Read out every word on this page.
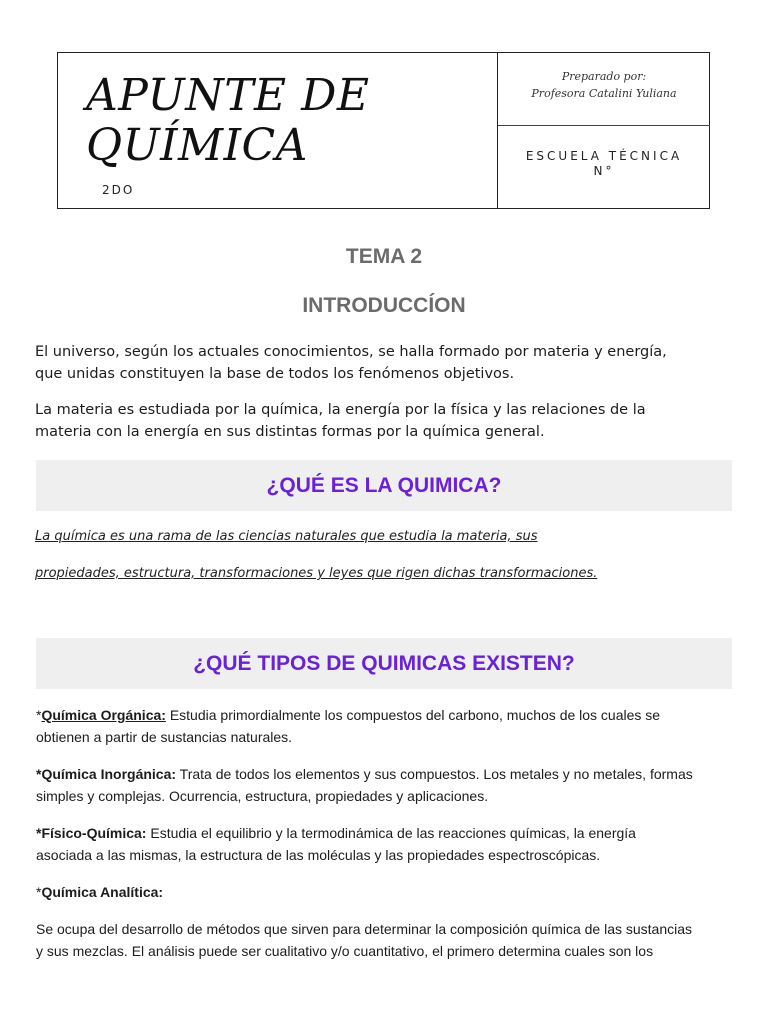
APUNTE DE
QUÍMICA
2DO
Preparado por:
Profesora Catalini Yuliana
ESCUELA TÉCNICA
N°
TEMA 2
INTRODUCCÍON

El universo, según los actuales conocimientos, se halla formado por materia y energía,
que unidas constituyen la base de todos los fenómenos objetivos.

La materia es estudiada por la química, la energía por la física y las relaciones de la
materia con la energía en sus distintas formas por la química general.

¿QUÉ ES LA QUIMICA?

La química es una rama de las ciencias naturales que estudia la materia, sus

propiedades, estructura, transformaciones y leyes que rigen dichas transformaciones.

¿QUÉ TIPOS DE QUIMICAS EXISTEN?

*Química Orgánica: Estudia primordialmente los compuestos del carbono, muchos de los cuales se
obtienen a partir de sustancias naturales.

*Química Inorgánica: Trata de todos los elementos y sus compuestos. Los metales y no metales, formas
simples y complejas. Ocurrencia, estructura, propiedades y aplicaciones.

*Físico-Química: Estudia el equilibrio y la termodinámica de las reacciones químicas, la energía
asociada a las mismas, la estructura de las moléculas y las propiedades espectroscópicas.

*Química Analítica:

Se ocupa del desarrollo de métodos que sirven para determinar la composición química de las sustancias
y sus mezclas. El análisis puede ser cualitativo y/o cuantitativo, el primero determina cuales son los
